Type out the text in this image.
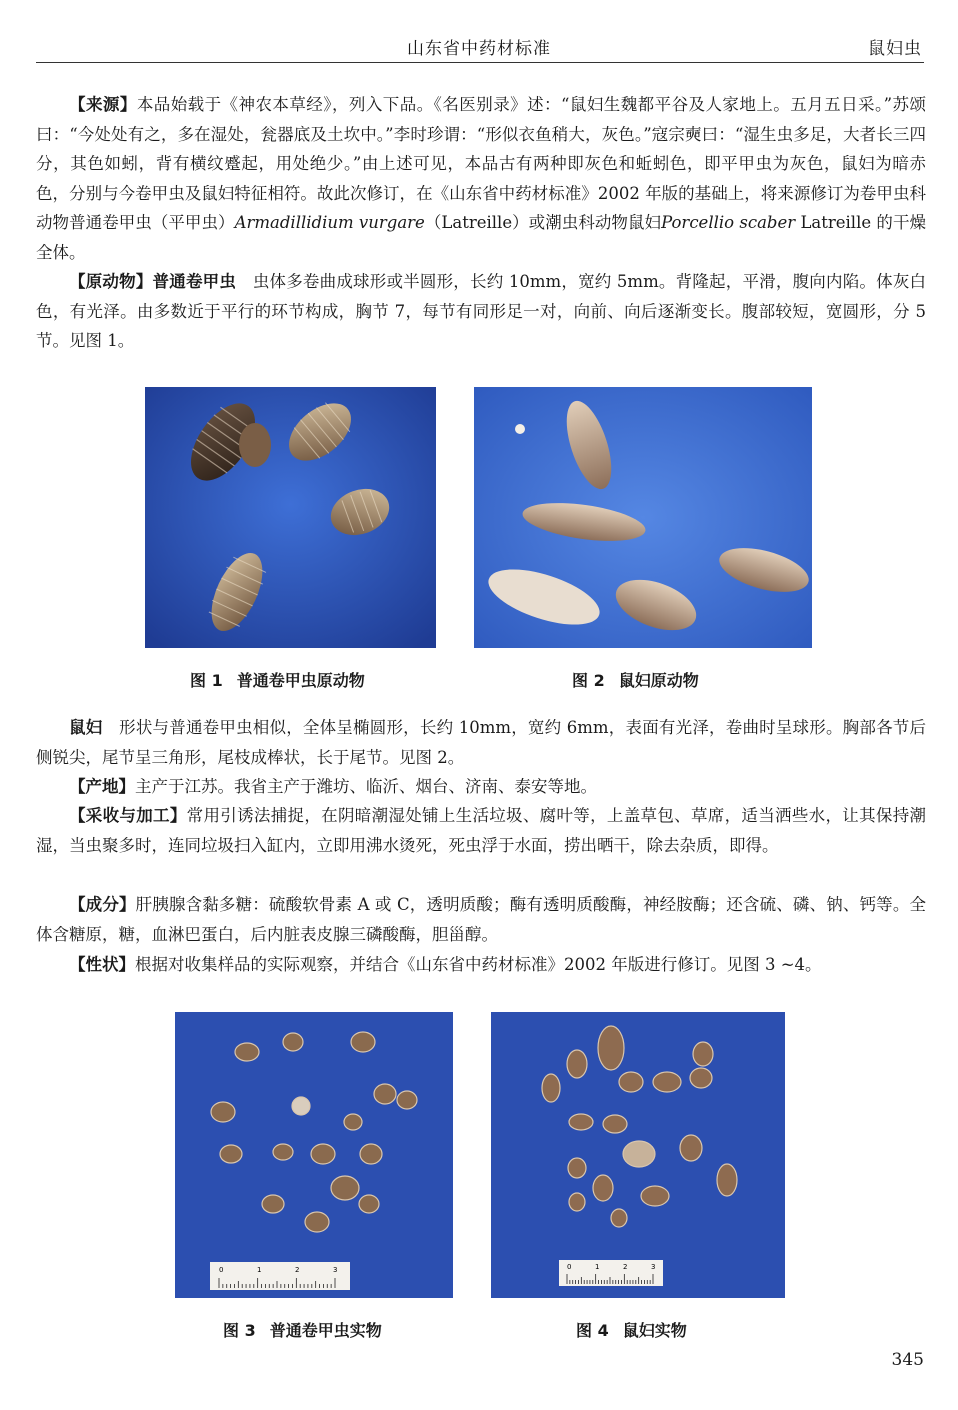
山东省中药材标准	鼠妇虫

【来源】本品始载于《神农本草经》，列入下品。《名医别录》述：“鼠妇生魏都平谷及人家地上。五月五日采。”苏颂曰：“今处处有之，多在湿处，瓮器底及土坎中。”李时珍谓：“形似衣鱼稍大，灰色。”寇宗奭曰：“湿生虫多足，大者长三四分，其色如蚓，背有横纹蹙起，用处绝少。”由上述可见，本品古有两种即灰色和蚯蚓色，即平甲虫为灰色，鼠妇为暗赤色，分别与今卷甲虫及鼠妇特征相符。故此次修订，在《山东省中药材标准》2002 年版的基础上，将来源修订为卷甲虫科动物普通卷甲虫（平甲虫）Armadillidium vurgare（Latreille）或潮虫科动物鼠妇Porcellio scaber Latreille 的干燥全体。

【原动物】普通卷甲虫　 虫体多卷曲成球形或半圆形，长约 10mm，宽约 5mm。背隆起，平滑，腹向内陷。体灰白色，有光泽。由多数近于平行的环节构成，胸节 7，每节有同形足一对，向前、向后逐渐变长。腹部较短，宽圆形，分 5 节。见图 1。

图 1 普通卷甲虫原动物	图 2 鼠妇原动物

鼠妇　 形状与普通卷甲虫相似，全体呈椭圆形，长约 10mm，宽约 6mm，表面有光泽，卷曲时呈球形。胸部各节后侧锐尖，尾节呈三角形，尾枝成棒状，长于尾节。见图 2。

【产地】主产于江苏。我省主产于潍坊、临沂、烟台、济南、泰安等地。

【采收与加工】常用引诱法捕捉，在阴暗潮湿处铺上生活垃圾、腐叶等，上盖草包、草席，适当洒些水，让其保持潮湿，当虫聚多时，连同垃圾扫入缸内，立即用沸水烫死，死虫浮于水面，捞出晒干，除去杂质，即得。

【成分】肝胰腺含黏多糖：硫酸软骨素 A 或 C，透明质酸；酶有透明质酸酶，神经胺酶；还含硫、磷、钠、钙等。全体含糖原，糖，血淋巴蛋白，后内脏表皮腺三磷酸酶，胆甾醇。

【性状】根据对收集样品的实际观察，并结合《山东省中药材标准》2002 年版进行修订。见图 3 ~4。

0	1	2	3
图 3 普通卷甲虫实物
0	1	2	3
图 4 鼠妇实物
345
